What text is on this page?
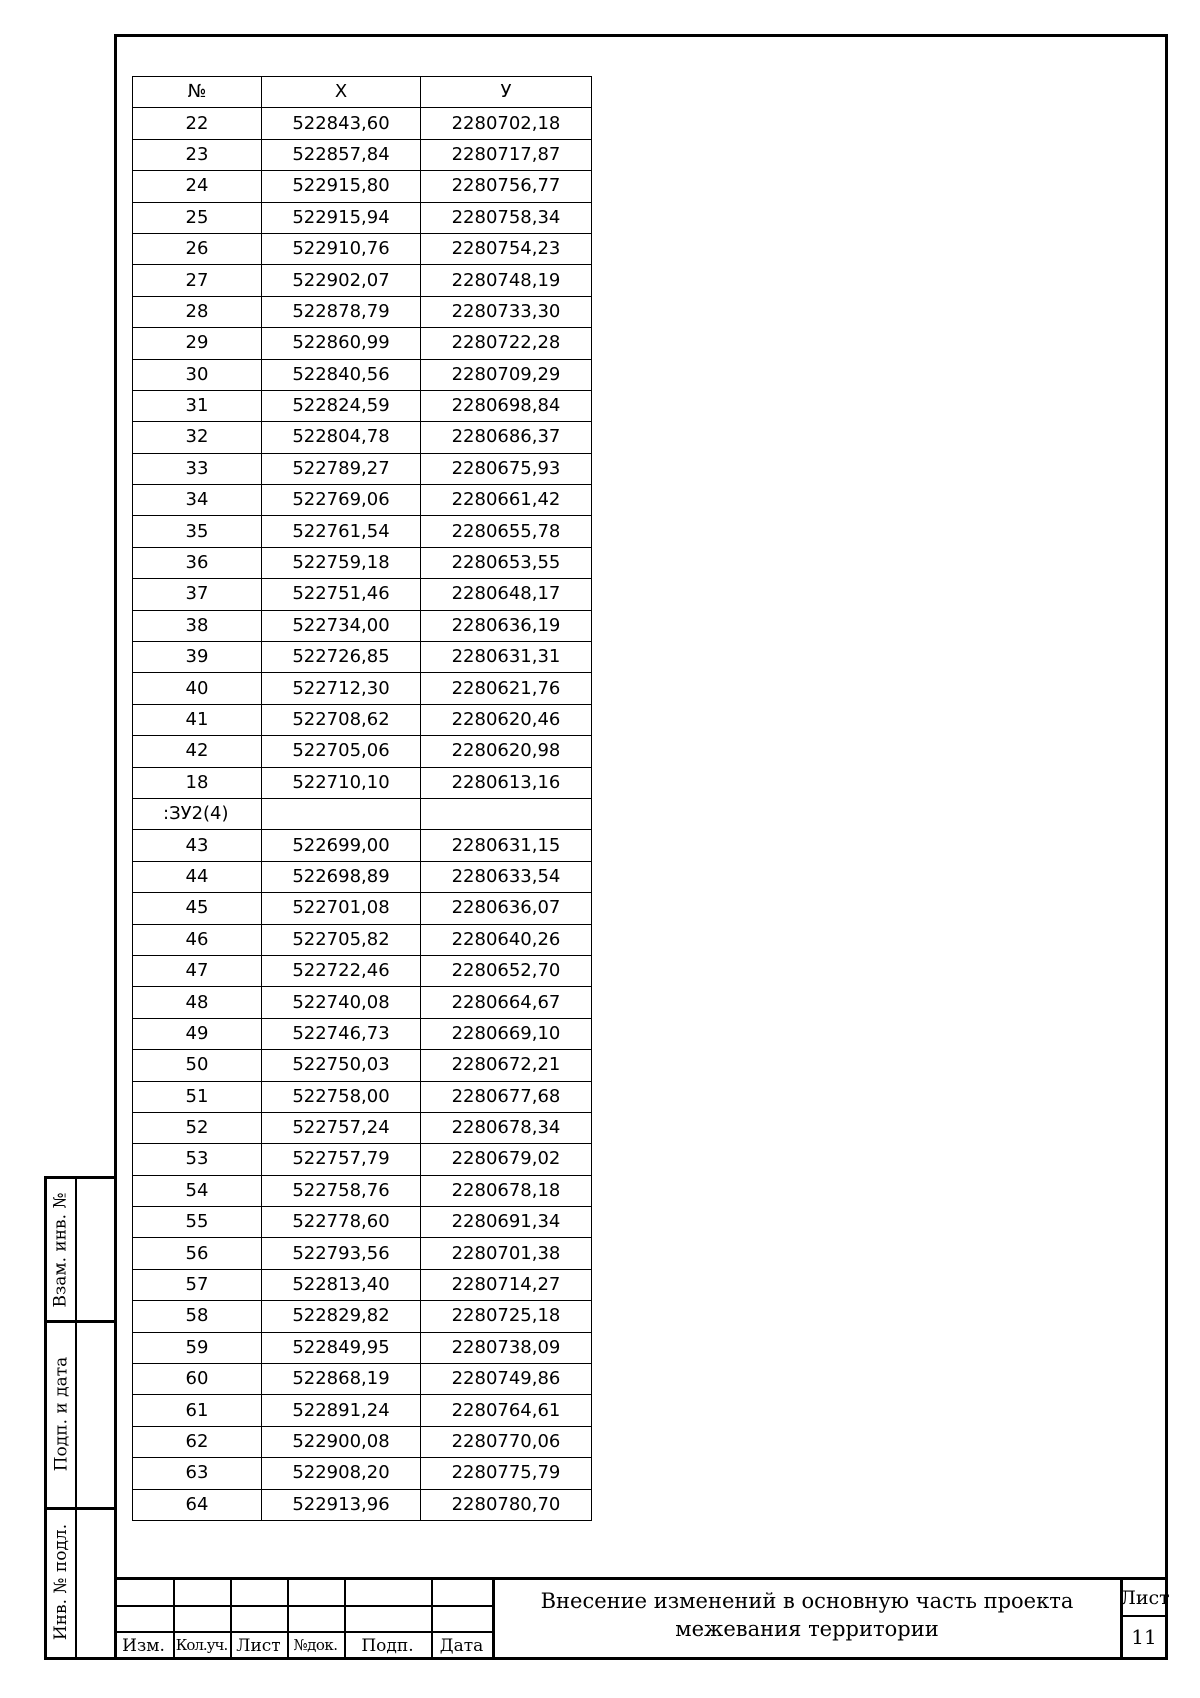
№	X	У
22	522843,60	2280702,18
23	522857,84	2280717,87
24	522915,80	2280756,77
25	522915,94	2280758,34
26	522910,76	2280754,23
27	522902,07	2280748,19
28	522878,79	2280733,30
29	522860,99	2280722,28
30	522840,56	2280709,29
31	522824,59	2280698,84
32	522804,78	2280686,37
33	522789,27	2280675,93
34	522769,06	2280661,42
35	522761,54	2280655,78
36	522759,18	2280653,55
37	522751,46	2280648,17
38	522734,00	2280636,19
39	522726,85	2280631,31
40	522712,30	2280621,76
41	522708,62	2280620,46
42	522705,06	2280620,98
18	522710,10	2280613,16
:ЗУ2(4)		
43	522699,00	2280631,15
44	522698,89	2280633,54
45	522701,08	2280636,07
46	522705,82	2280640,26
47	522722,46	2280652,70
48	522740,08	2280664,67
49	522746,73	2280669,10
50	522750,03	2280672,21
51	522758,00	2280677,68
52	522757,24	2280678,34
53	522757,79	2280679,02
54	522758,76	2280678,18
55	522778,60	2280691,34
56	522793,56	2280701,38
57	522813,40	2280714,27
58	522829,82	2280725,18
59	522849,95	2280738,09
60	522868,19	2280749,86
61	522891,24	2280764,61
62	522900,08	2280770,06
63	522908,20	2280775,79
64	522913,96	2280780,70
Взам. инв. №
Подп. и дата
Инв. № подл.
Изм. Кол.уч. Лист №док.	Подп.	Дата
Внесение изменений в основную часть проекта
межевания территории
Лист
11
